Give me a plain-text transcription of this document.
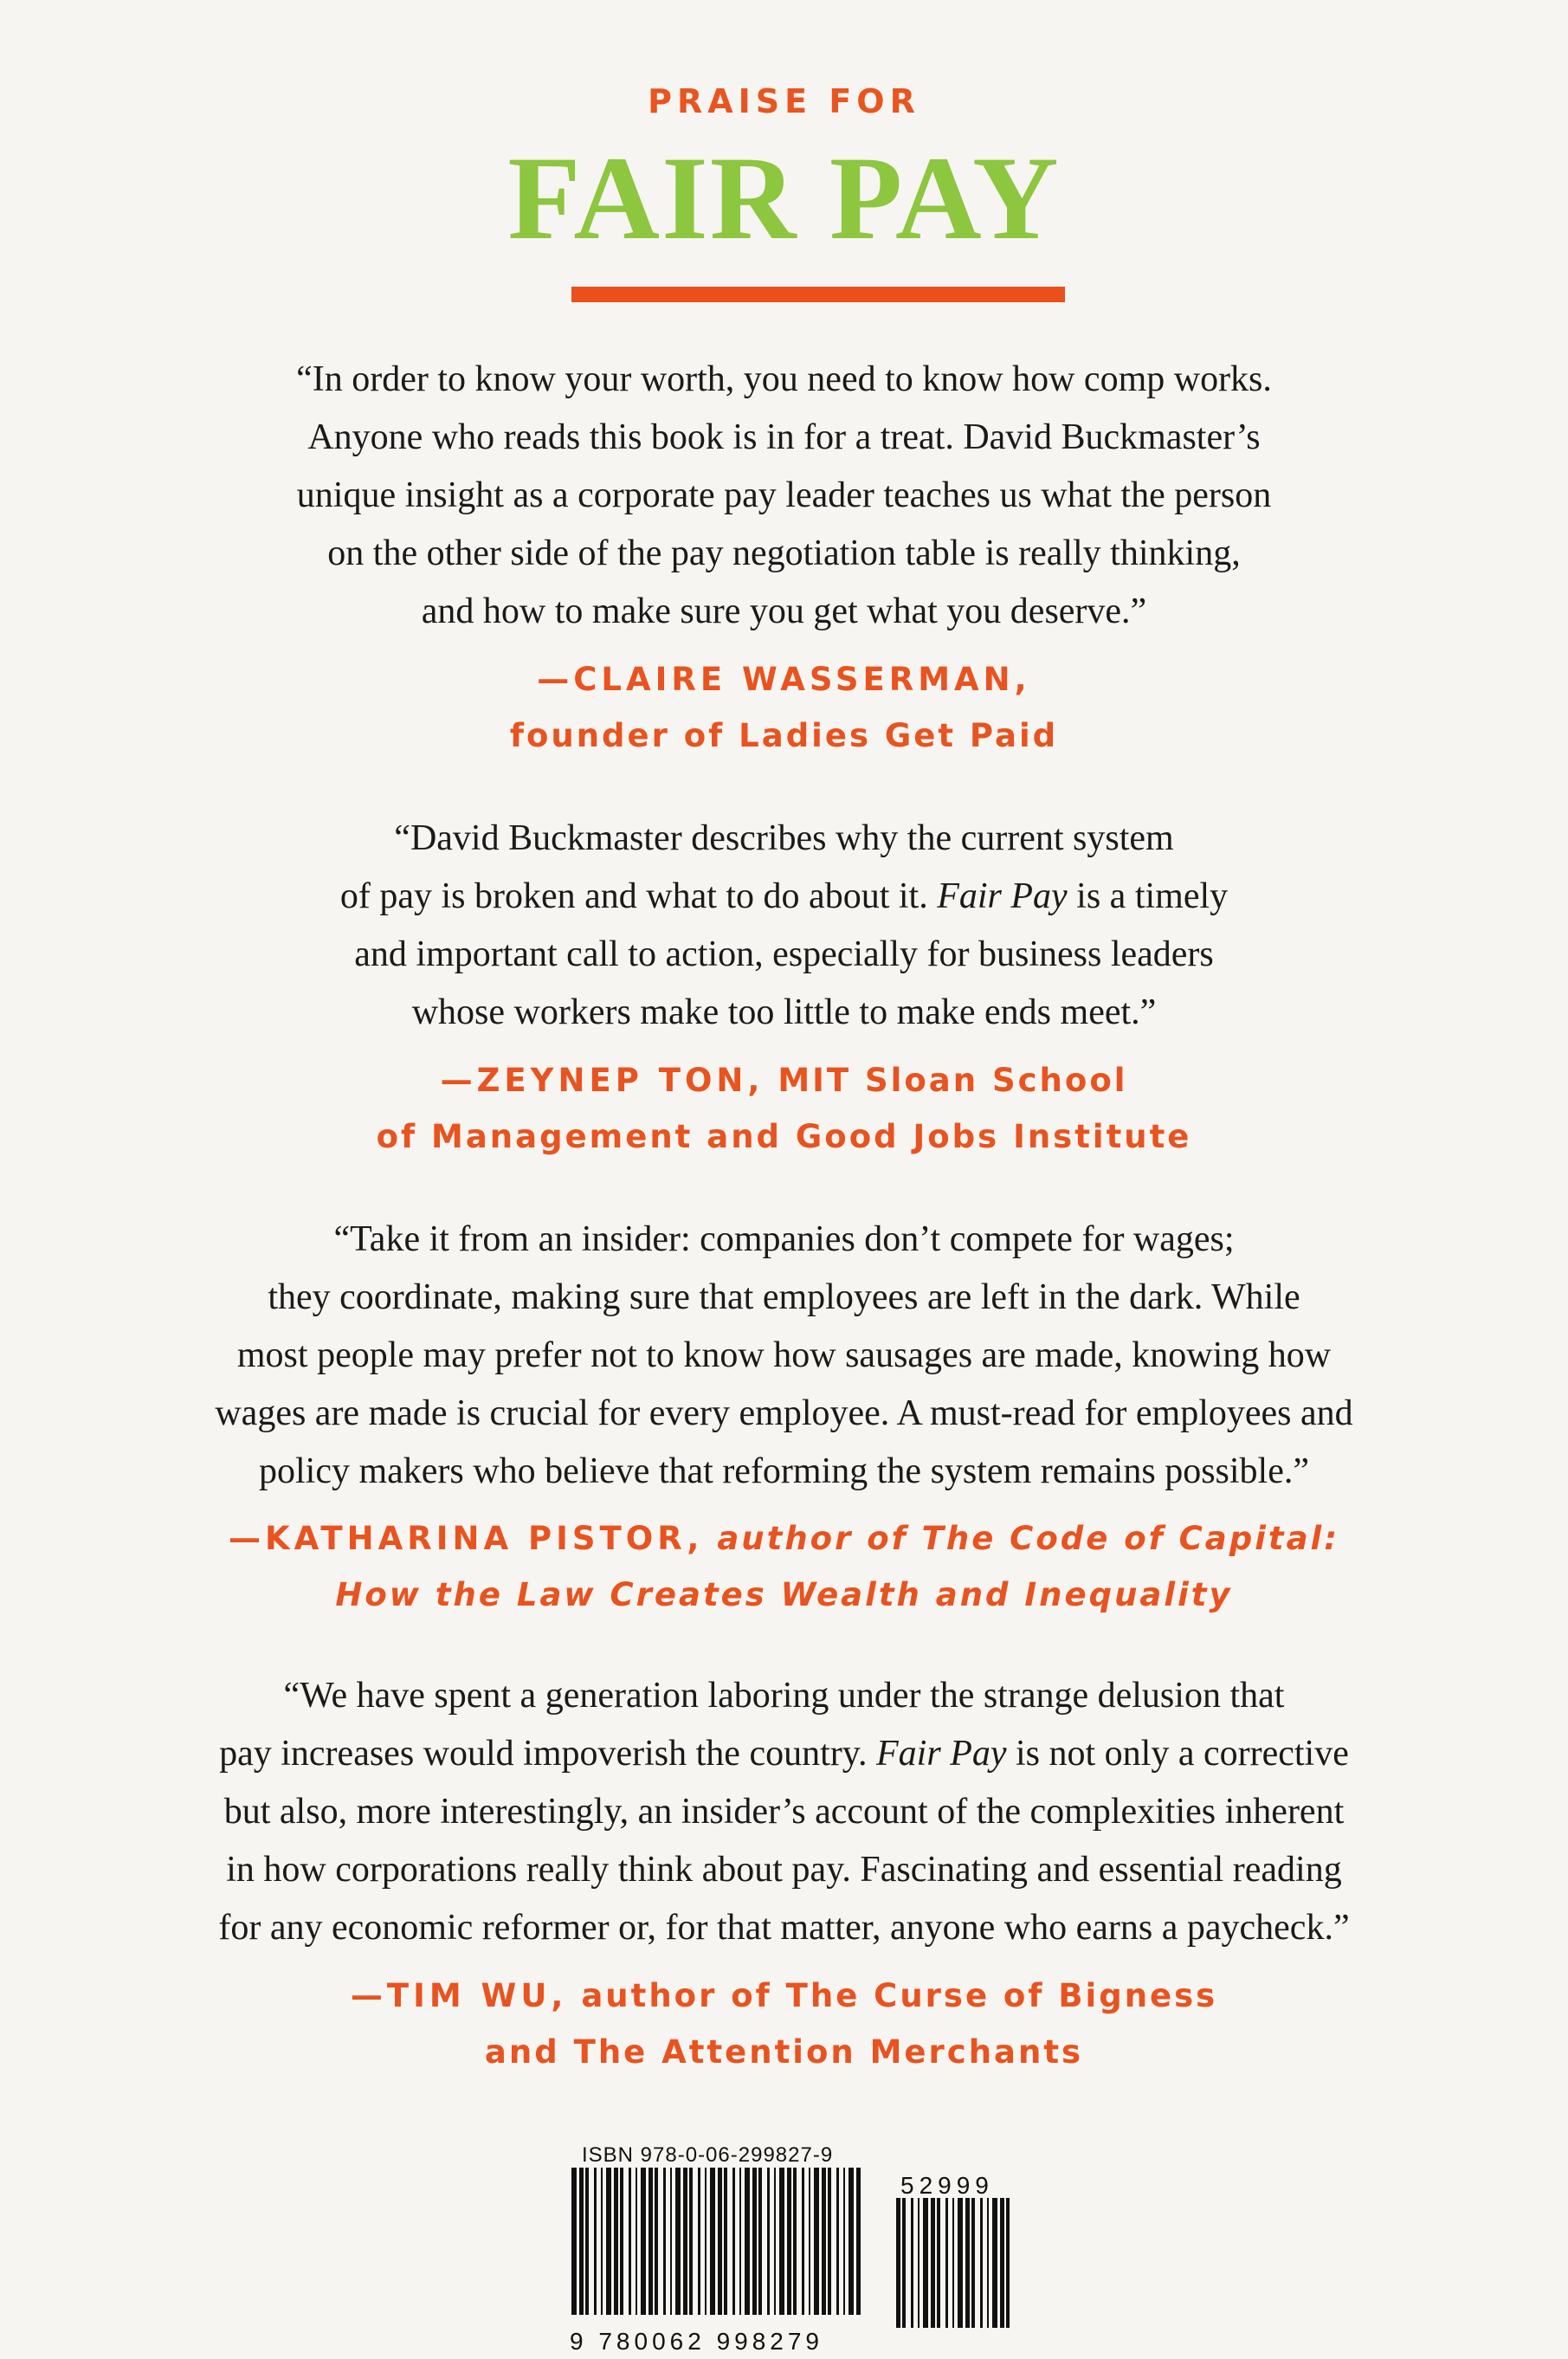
PRAISE FOR
FAIR PAY

“In order to know your worth, you need to know how comp works.
Anyone who reads this book is in for a treat. David Buckmaster’s
unique insight as a corporate pay leader teaches us what the person
on the other side of the pay negotiation table is really thinking,
and how to make sure you get what you deserve.”

—CLAIRE WASSERMAN,
founder of Ladies Get Paid

“David Buckmaster describes why the current system
of pay is broken and what to do about it. Fair Pay is a timely
and important call to action, especially for business leaders
whose workers make too little to make ends meet.”

—ZEYNEP TON, MIT Sloan School
of Management and Good Jobs Institute

“Take it from an insider: companies don’t compete for wages;
they coordinate, making sure that employees are left in the dark. While
most people may prefer not to know how sausages are made, knowing how
wages are made is crucial for every employee. A must-read for employees and
policy makers who believe that reforming the system remains possible.”

—KATHARINA PISTOR, author of The Code of Capital:
How the Law Creates Wealth and Inequality

“We have spent a generation laboring under the strange delusion that
pay increases would impoverish the country. Fair Pay is not only a corrective
but also, more interestingly, an insider’s account of the complexities inherent
in how corporations really think about pay. Fascinating and essential reading
for any economic reformer or, for that matter, anyone who earns a paycheck.”

—TIM WU, author of The Curse of Bigness
and The Attention Merchants
ISBN 978-0-06-299827-9
52999
9 780062 998279
